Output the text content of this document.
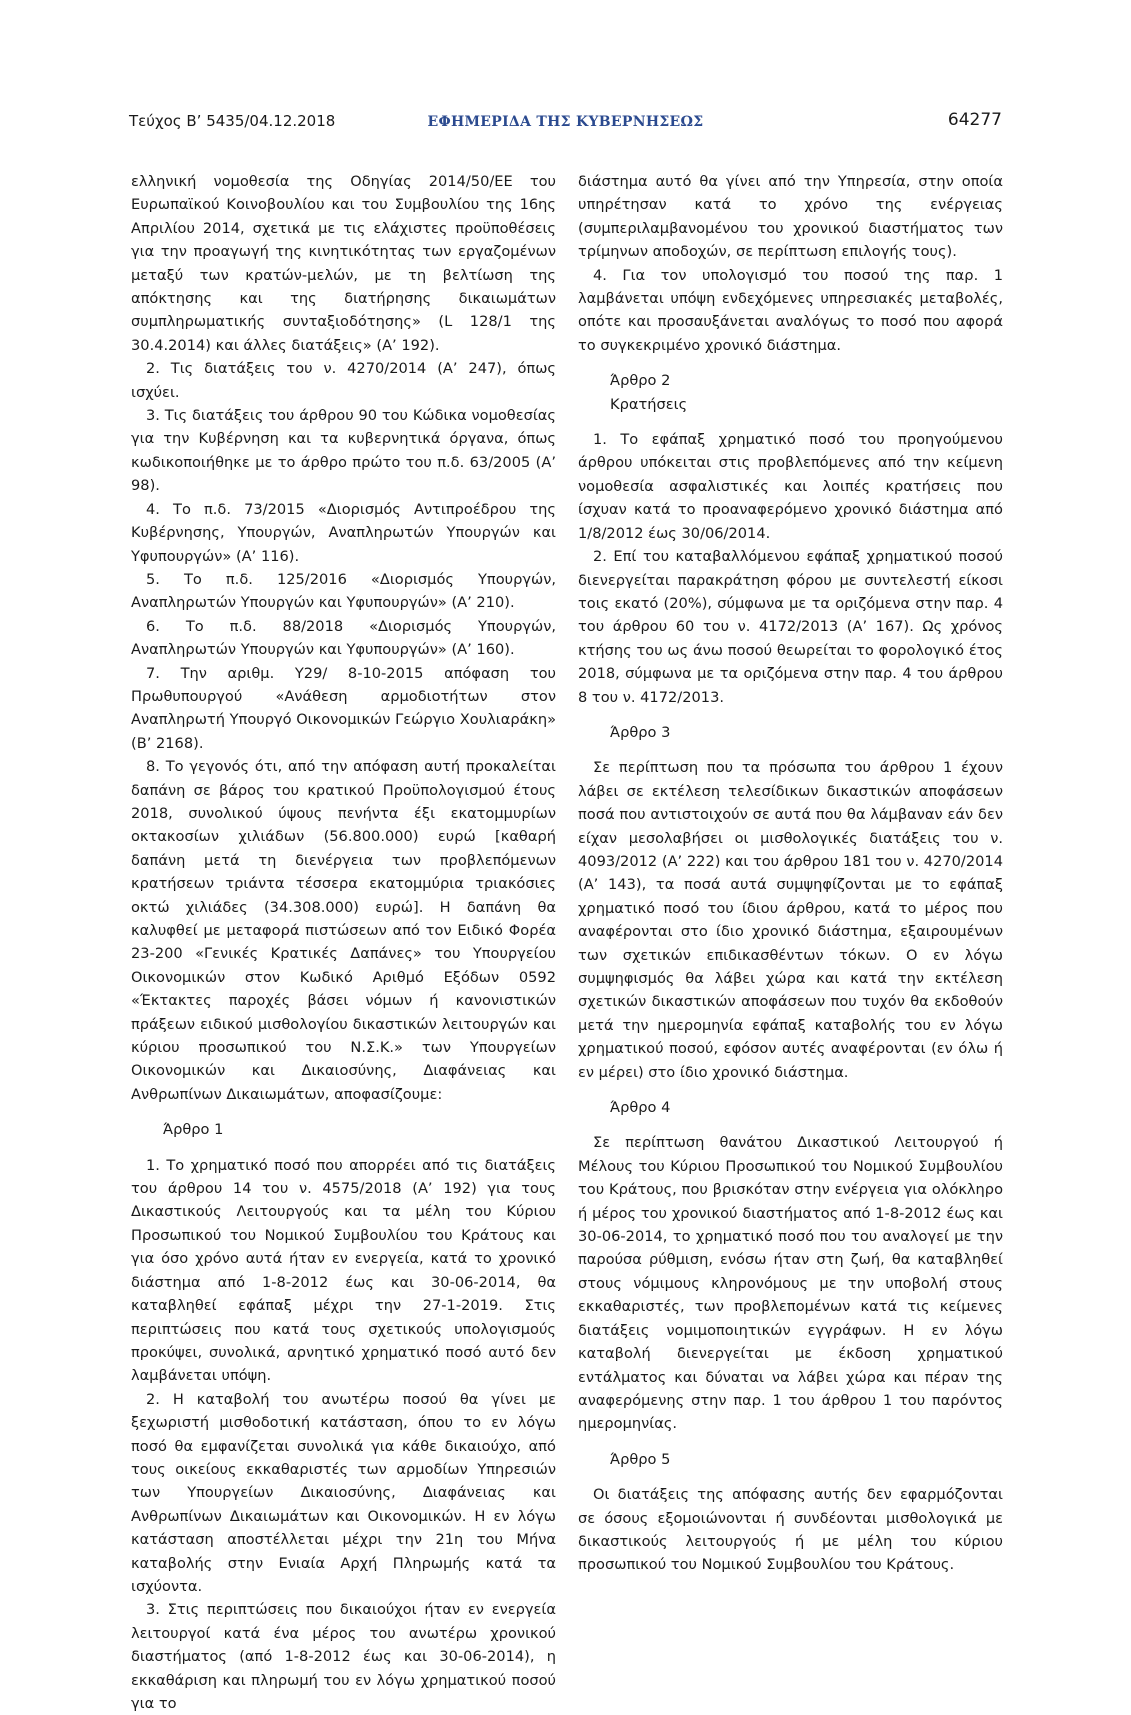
Τεύχος Β’ 5435/04.12.2018	ΕΦΗΜΕΡΙΔΑ ΤΗΣ ΚΥΒΕΡΝΗΣΕΩΣ	64277

ελληνική νομοθεσία της Οδηγίας 2014/50/ΕΕ του Ευρωπαϊκού Κοινοβουλίου και του Συμβουλίου της 16ης Απριλίου 2014, σχετικά με τις ελάχιστες προϋποθέσεις για την προαγωγή της κινητικότητας των εργαζομένων μεταξύ των κρατών-μελών, με τη βελτίωση της απόκτησης και της διατήρησης δικαιωμάτων συμπληρωματικής συνταξιοδότησης» (L 128/1 της 30.4.2014) και άλλες διατάξεις» (Α’ 192).

2. Τις διατάξεις του ν. 4270/2014 (Α’ 247), όπως ισχύει.

3. Τις διατάξεις του άρθρου 90 του Κώδικα νομοθεσίας για την Κυβέρνηση και τα κυβερνητικά όργανα, όπως κωδικοποιήθηκε με το άρθρο πρώτο του π.δ. 63/2005 (Α’ 98).

4. Το π.δ. 73/2015 «Διορισμός Αντιπροέδρου της Κυβέρνησης, Υπουργών, Αναπληρωτών Υπουργών και Υφυπουργών» (Α’ 116).

5. Το π.δ. 125/2016 «Διορισμός Υπουργών, Αναπληρωτών Υπουργών και Υφυπουργών» (Α’ 210).

6. Το π.δ. 88/2018 «Διορισμός Υπουργών, Αναπληρωτών Υπουργών και Υφυπουργών» (Α’ 160).

7. Την αριθμ. Υ29/ 8-10-2015 απόφαση του Πρωθυπουργού «Ανάθεση αρμοδιοτήτων στον Αναπληρωτή Υπουργό Οικονομικών Γεώργιο Χουλιαράκη» (Β’ 2168).

8. Το γεγονός ότι, από την απόφαση αυτή προκαλείται δαπάνη σε βάρος του κρατικού Προϋπολογισμού έτους 2018, συνολικού ύψους πενήντα έξι εκατομμυρίων οκτακοσίων χιλιάδων (56.800.000) ευρώ [καθαρή δαπάνη μετά τη διενέργεια των προβλεπόμενων κρατήσεων τριάντα τέσσερα εκατομμύρια τριακόσιες οκτώ χιλιάδες (34.308.000) ευρώ]. Η δαπάνη θα καλυφθεί με μεταφορά πιστώσεων από τον Ειδικό Φορέα 23-200 «Γενικές Κρατικές Δαπάνες» του Υπουργείου Οικονομικών στον Κωδικό Αριθμό Εξόδων 0592 «Έκτακτες παροχές βάσει νόμων ή κανονιστικών πράξεων ειδικού μισθολογίου δικαστικών λειτουργών και κύριου προσωπικού του Ν.Σ.Κ.» των Υπουργείων Οικονομικών και Δικαιοσύνης, Διαφάνειας και Ανθρωπίνων Δικαιωμάτων, αποφασίζουμε:

Άρθρο 1

1. Το χρηματικό ποσό που απορρέει από τις διατάξεις του άρθρου 14 του ν. 4575/2018 (Α’ 192) για τους Δικαστικούς Λειτουργούς και τα μέλη του Κύριου Προσωπικού του Νομικού Συμβουλίου του Κράτους και για όσο χρόνο αυτά ήταν εν ενεργεία, κατά το χρονικό διάστημα από 1-8-2012 έως και 30-06-2014, θα καταβληθεί εφάπαξ μέχρι την 27-1-2019. Στις περιπτώσεις που κατά τους σχετικούς υπολογισμούς προκύψει, συνολικά, αρνητικό χρηματικό ποσό αυτό δεν λαμβάνεται υπόψη.

2. Η καταβολή του ανωτέρω ποσού θα γίνει με ξεχωριστή μισθοδοτική κατάσταση, όπου το εν λόγω ποσό θα εμφανίζεται συνολικά για κάθε δικαιούχο, από τους οικείους εκκαθαριστές των αρμοδίων Υπηρεσιών των Υπουργείων Δικαιοσύνης, Διαφάνειας και Ανθρωπίνων Δικαιωμάτων και Οικονομικών. Η εν λόγω κατάσταση αποστέλλεται μέχρι την 21η του Μήνα καταβολής στην Ενιαία Αρχή Πληρωμής κατά τα ισχύοντα.

3. Στις περιπτώσεις που δικαιούχοι ήταν εν ενεργεία λειτουργοί κατά ένα μέρος του ανωτέρω χρονικού διαστήματος (από 1-8-2012 έως και 30-06-2014), η εκκαθάριση και πληρωμή του εν λόγω χρηματικού ποσού για το

διάστημα αυτό θα γίνει από την Υπηρεσία, στην οποία υπηρέτησαν κατά το χρόνο της ενέργειας (συμπεριλαμβανομένου του χρονικού διαστήματος των τρίμηνων αποδοχών, σε περίπτωση επιλογής τους).

4. Για τον υπολογισμό του ποσού της παρ. 1 λαμβάνεται υπόψη ενδεχόμενες υπηρεσιακές μεταβολές, οπότε και προσαυξάνεται αναλόγως το ποσό που αφορά το συγκεκριμένο χρονικό διάστημα.

Άρθρο 2

Κρατήσεις

1. Το εφάπαξ χρηματικό ποσό του προηγούμενου άρθρου υπόκειται στις προβλεπόμενες από την κείμενη νομοθεσία ασφαλιστικές και λοιπές κρατήσεις που ίσχυαν κατά το προαναφερόμενο χρονικό διάστημα από 1/8/2012 έως 30/06/2014.

2. Επί του καταβαλλόμενου εφάπαξ χρηματικού ποσού διενεργείται παρακράτηση φόρου με συντελεστή είκοσι τοις εκατό (20%), σύμφωνα με τα οριζόμενα στην παρ. 4 του άρθρου 60 του ν. 4172/2013 (Α’ 167). Ως χρόνος κτήσης του ως άνω ποσού θεωρείται το φορολογικό έτος 2018, σύμφωνα με τα οριζόμενα στην παρ. 4 του άρθρου 8 του ν. 4172/2013.

Άρθρο 3

Σε περίπτωση που τα πρόσωπα του άρθρου 1 έχουν λάβει σε εκτέλεση τελεσίδικων δικαστικών αποφάσεων ποσά που αντιστοιχούν σε αυτά που θα λάμβαναν εάν δεν είχαν μεσολαβήσει οι μισθολογικές διατάξεις του ν. 4093/2012 (Α’ 222) και του άρθρου 181 του ν. 4270/2014 (Α’ 143), τα ποσά αυτά συμψηφίζονται με το εφάπαξ χρηματικό ποσό του ίδιου άρθρου, κατά το μέρος που αναφέρονται στο ίδιο χρονικό διάστημα, εξαιρουμένων των σχετικών επιδικασθέντων τόκων. Ο εν λόγω συμψηφισμός θα λάβει χώρα και κατά την εκτέλεση σχετικών δικαστικών αποφάσεων που τυχόν θα εκδοθούν μετά την ημερομηνία εφάπαξ καταβολής του εν λόγω χρηματικού ποσού, εφόσον αυτές αναφέρονται (εν όλω ή εν μέρει) στο ίδιο χρονικό διάστημα.

Άρθρο 4

Σε περίπτωση θανάτου Δικαστικού Λειτουργού ή Μέλους του Κύριου Προσωπικού του Νομικού Συμβουλίου του Κράτους, που βρισκόταν στην ενέργεια για ολόκληρο ή μέρος του χρονικού διαστήματος από 1-8-2012 έως και 30-06-2014, το χρηματικό ποσό που του αναλογεί με την παρούσα ρύθμιση, ενόσω ήταν στη ζωή, θα καταβληθεί στους νόμιμους κληρονόμους με την υποβολή στους εκκαθαριστές, των προβλεπομένων κατά τις κείμενες διατάξεις νομιμοποιητικών εγγράφων. Η εν λόγω καταβολή διενεργείται με έκδοση χρηματικού εντάλματος και δύναται να λάβει χώρα και πέραν της αναφερόμενης στην παρ. 1 του άρθρου 1 του παρόντος ημερομηνίας.

Άρθρο 5

Οι διατάξεις της απόφασης αυτής δεν εφαρμόζονται σε όσους εξομοιώνονται ή συνδέονται μισθολογικά με δικαστικούς λειτουργούς ή με μέλη του κύριου προσωπικού του Νομικού Συμβουλίου του Κράτους.
